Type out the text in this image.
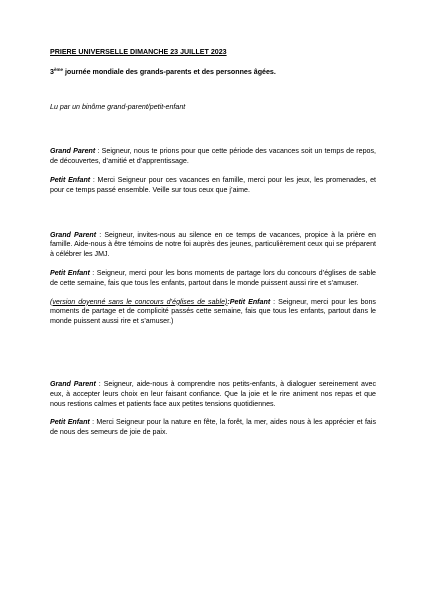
PRIERE UNIVERSELLE DIMANCHE 23 JUILLET 2023

3ème journée mondiale des grands-parents et des personnes âgées.

Lu par un binôme grand-parent/petit-enfant

Grand Parent : Seigneur, nous te prions pour que cette période des vacances soit un temps de repos, de découvertes, d’amitié et d’apprentissage.

Petit Enfant : Merci Seigneur pour ces vacances en famille, merci pour les jeux, les promenades, et pour ce temps passé ensemble. Veille sur tous ceux que j’aime.

Grand Parent : Seigneur, invites-nous au silence en ce temps de vacances, propice à la prière en famille. Aide-nous à être témoins de notre foi auprès des jeunes, particulièrement ceux qui se préparent à célébrer les JMJ.

Petit Enfant : Seigneur, merci pour les bons moments de partage lors du concours d’églises de sable de cette semaine, fais que tous les enfants, partout dans le monde puissent aussi rire et s’amuser.

(version doyenné sans le concours d’églises de sable):Petit Enfant : Seigneur, merci pour les bons moments de partage et de complicité passés cette semaine, fais que tous les enfants, partout dans le monde puissent aussi rire et s’amuser.)

Grand Parent : Seigneur, aide-nous à comprendre nos petits-enfants, à dialoguer sereinement avec eux, à accepter leurs choix en leur faisant confiance. Que la joie et le rire animent nos repas et que nous restions calmes et patients face aux petites tensions quotidiennes.

Petit Enfant : Merci Seigneur pour la nature en fête, la forêt, la mer, aides nous à les apprécier et fais de nous des semeurs de joie de paix.
